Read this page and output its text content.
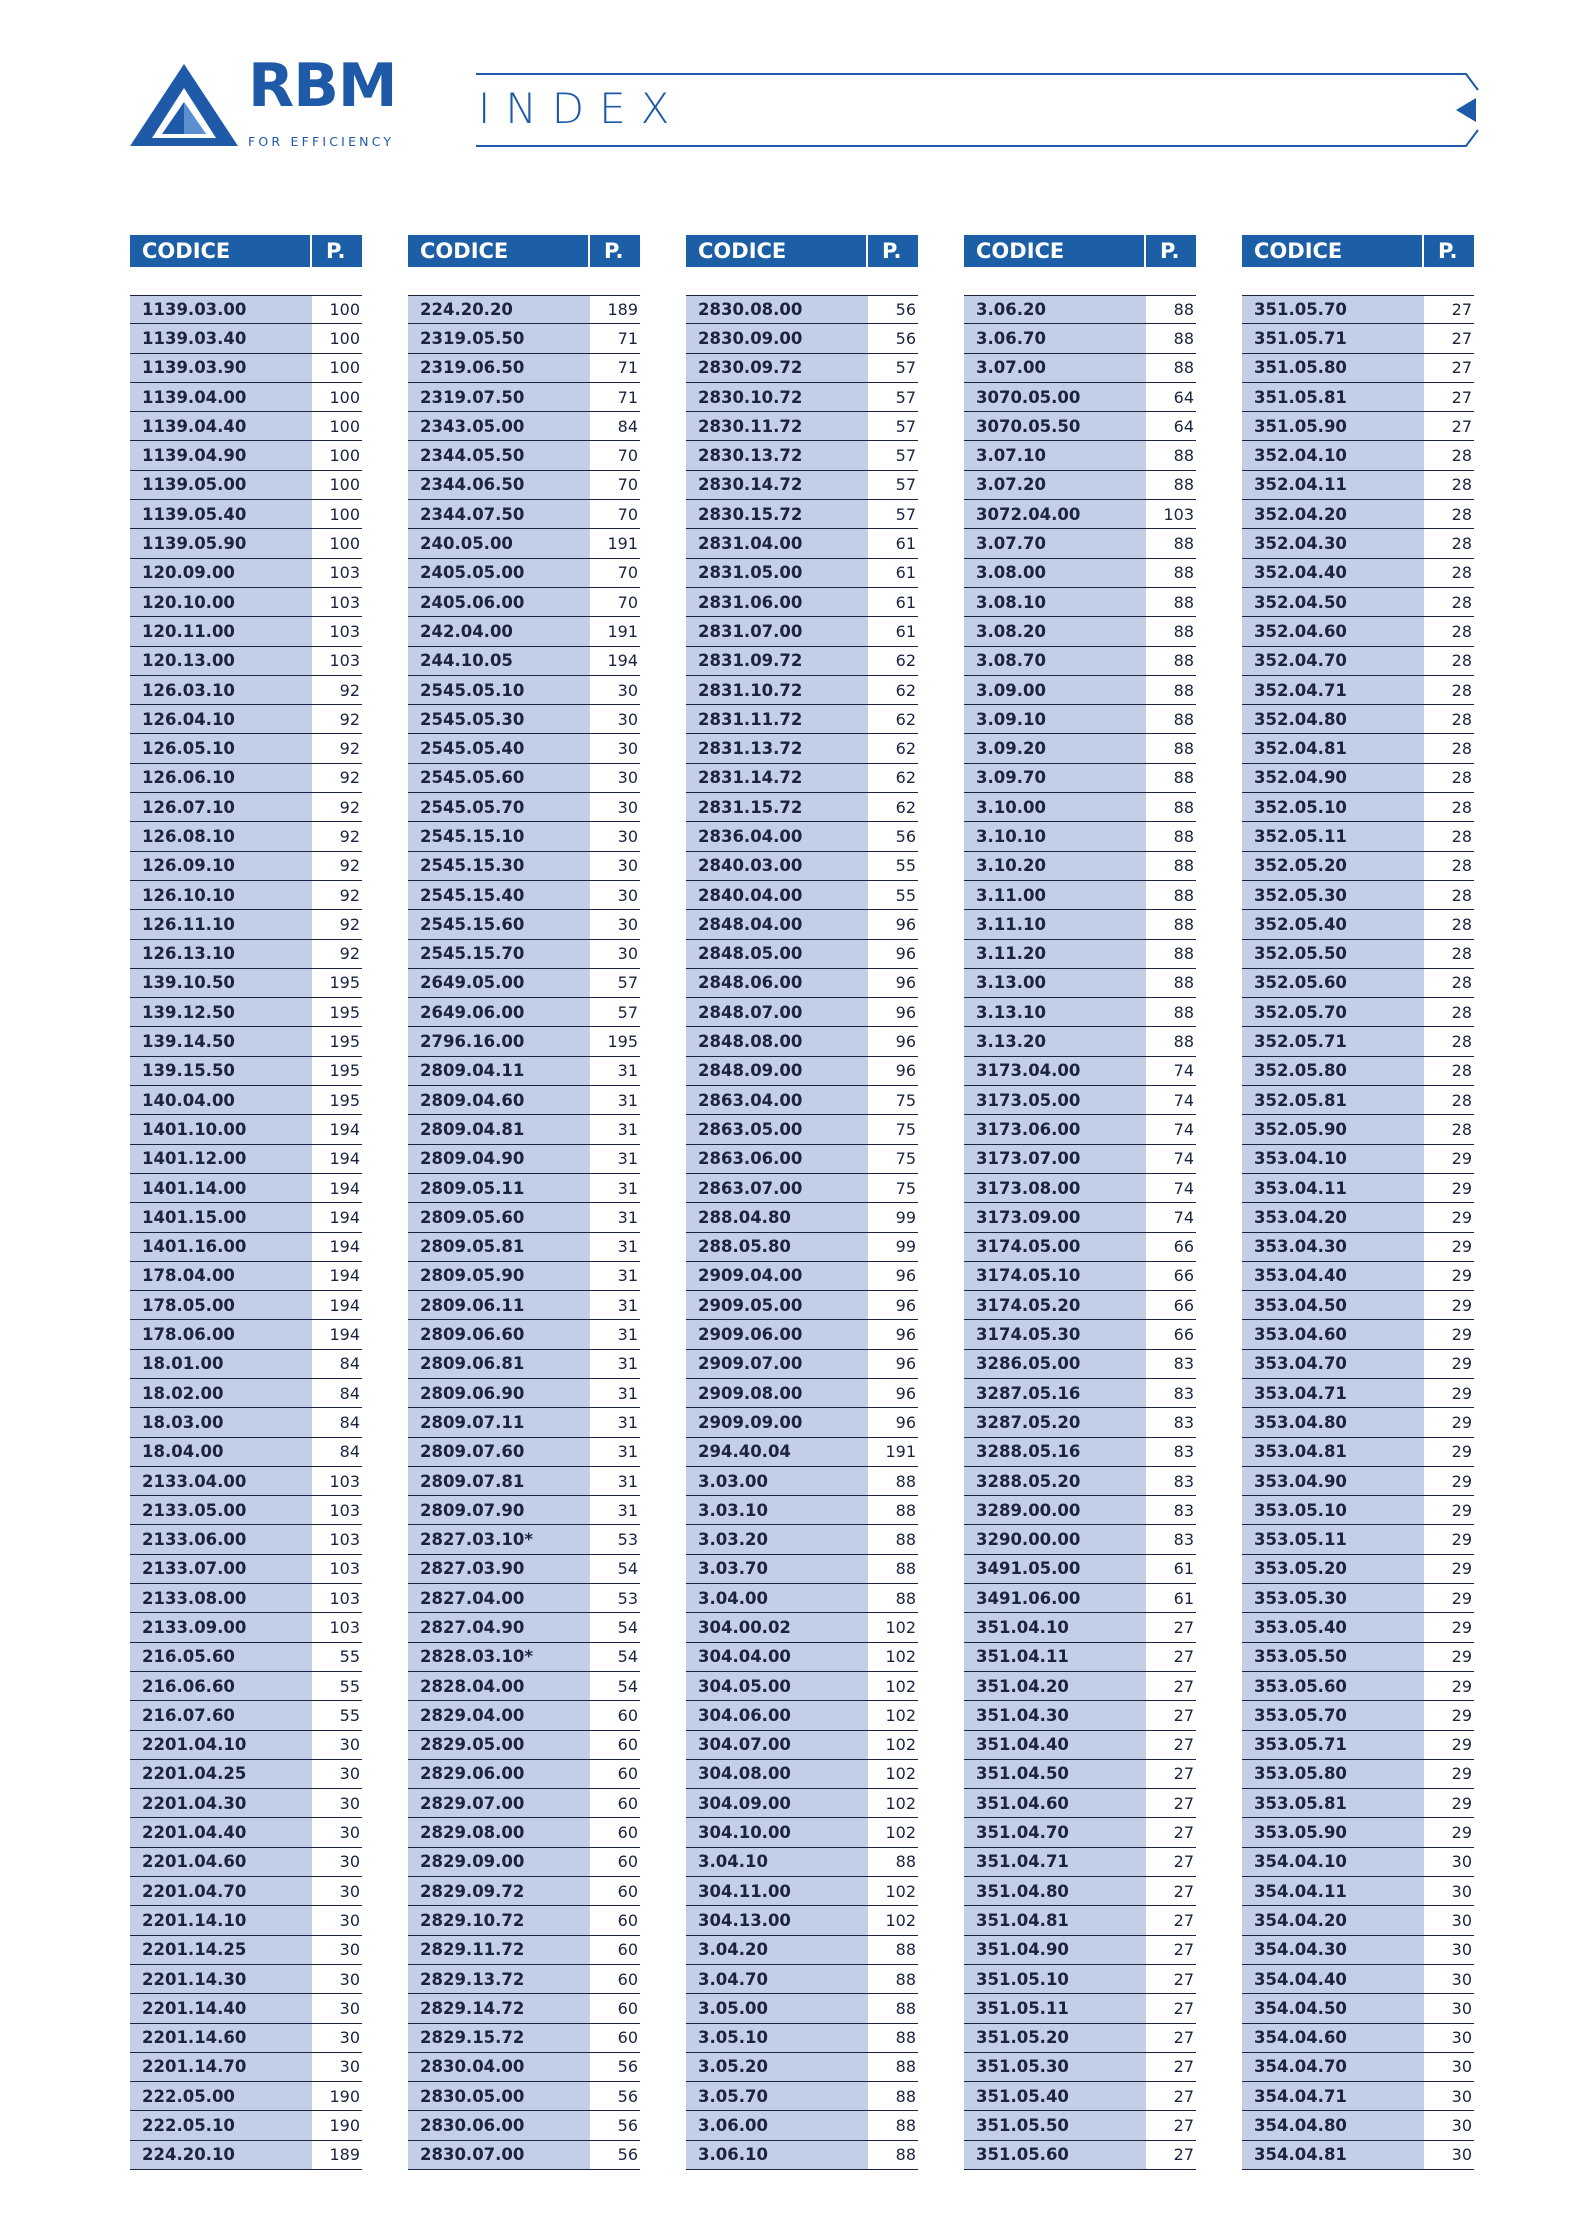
RBM
FOR EFFICIENCY
INDEX
CODICE	P.
1139.03.00	100
1139.03.40	100
1139.03.90	100
1139.04.00	100
1139.04.40	100
1139.04.90	100
1139.05.00	100
1139.05.40	100
1139.05.90	100
120.09.00	103
120.10.00	103
120.11.00	103
120.13.00	103
126.03.10	92
126.04.10	92
126.05.10	92
126.06.10	92
126.07.10	92
126.08.10	92
126.09.10	92
126.10.10	92
126.11.10	92
126.13.10	92
139.10.50	195
139.12.50	195
139.14.50	195
139.15.50	195
140.04.00	195
1401.10.00	194
1401.12.00	194
1401.14.00	194
1401.15.00	194
1401.16.00	194
178.04.00	194
178.05.00	194
178.06.00	194
18.01.00	84
18.02.00	84
18.03.00	84
18.04.00	84
2133.04.00	103
2133.05.00	103
2133.06.00	103
2133.07.00	103
2133.08.00	103
2133.09.00	103
216.05.60	55
216.06.60	55
216.07.60	55
2201.04.10	30
2201.04.25	30
2201.04.30	30
2201.04.40	30
2201.04.60	30
2201.04.70	30
2201.14.10	30
2201.14.25	30
2201.14.30	30
2201.14.40	30
2201.14.60	30
2201.14.70	30
222.05.00	190
222.05.10	190
224.20.10	189
CODICE	P.
224.20.20	189
2319.05.50	71
2319.06.50	71
2319.07.50	71
2343.05.00	84
2344.05.50	70
2344.06.50	70
2344.07.50	70
240.05.00	191
2405.05.00	70
2405.06.00	70
242.04.00	191
244.10.05	194
2545.05.10	30
2545.05.30	30
2545.05.40	30
2545.05.60	30
2545.05.70	30
2545.15.10	30
2545.15.30	30
2545.15.40	30
2545.15.60	30
2545.15.70	30
2649.05.00	57
2649.06.00	57
2796.16.00	195
2809.04.11	31
2809.04.60	31
2809.04.81	31
2809.04.90	31
2809.05.11	31
2809.05.60	31
2809.05.81	31
2809.05.90	31
2809.06.11	31
2809.06.60	31
2809.06.81	31
2809.06.90	31
2809.07.11	31
2809.07.60	31
2809.07.81	31
2809.07.90	31
2827.03.10*	53
2827.03.90	54
2827.04.00	53
2827.04.90	54
2828.03.10*	54
2828.04.00	54
2829.04.00	60
2829.05.00	60
2829.06.00	60
2829.07.00	60
2829.08.00	60
2829.09.00	60
2829.09.72	60
2829.10.72	60
2829.11.72	60
2829.13.72	60
2829.14.72	60
2829.15.72	60
2830.04.00	56
2830.05.00	56
2830.06.00	56
2830.07.00	56
CODICE	P.
2830.08.00	56
2830.09.00	56
2830.09.72	57
2830.10.72	57
2830.11.72	57
2830.13.72	57
2830.14.72	57
2830.15.72	57
2831.04.00	61
2831.05.00	61
2831.06.00	61
2831.07.00	61
2831.09.72	62
2831.10.72	62
2831.11.72	62
2831.13.72	62
2831.14.72	62
2831.15.72	62
2836.04.00	56
2840.03.00	55
2840.04.00	55
2848.04.00	96
2848.05.00	96
2848.06.00	96
2848.07.00	96
2848.08.00	96
2848.09.00	96
2863.04.00	75
2863.05.00	75
2863.06.00	75
2863.07.00	75
288.04.80	99
288.05.80	99
2909.04.00	96
2909.05.00	96
2909.06.00	96
2909.07.00	96
2909.08.00	96
2909.09.00	96
294.40.04	191
3.03.00	88
3.03.10	88
3.03.20	88
3.03.70	88
3.04.00	88
304.00.02	102
304.04.00	102
304.05.00	102
304.06.00	102
304.07.00	102
304.08.00	102
304.09.00	102
304.10.00	102
3.04.10	88
304.11.00	102
304.13.00	102
3.04.20	88
3.04.70	88
3.05.00	88
3.05.10	88
3.05.20	88
3.05.70	88
3.06.00	88
3.06.10	88
CODICE	P.
3.06.20	88
3.06.70	88
3.07.00	88
3070.05.00	64
3070.05.50	64
3.07.10	88
3.07.20	88
3072.04.00	103
3.07.70	88
3.08.00	88
3.08.10	88
3.08.20	88
3.08.70	88
3.09.00	88
3.09.10	88
3.09.20	88
3.09.70	88
3.10.00	88
3.10.10	88
3.10.20	88
3.11.00	88
3.11.10	88
3.11.20	88
3.13.00	88
3.13.10	88
3.13.20	88
3173.04.00	74
3173.05.00	74
3173.06.00	74
3173.07.00	74
3173.08.00	74
3173.09.00	74
3174.05.00	66
3174.05.10	66
3174.05.20	66
3174.05.30	66
3286.05.00	83
3287.05.16	83
3287.05.20	83
3288.05.16	83
3288.05.20	83
3289.00.00	83
3290.00.00	83
3491.05.00	61
3491.06.00	61
351.04.10	27
351.04.11	27
351.04.20	27
351.04.30	27
351.04.40	27
351.04.50	27
351.04.60	27
351.04.70	27
351.04.71	27
351.04.80	27
351.04.81	27
351.04.90	27
351.05.10	27
351.05.11	27
351.05.20	27
351.05.30	27
351.05.40	27
351.05.50	27
351.05.60	27
CODICE	P.
351.05.70	27
351.05.71	27
351.05.80	27
351.05.81	27
351.05.90	27
352.04.10	28
352.04.11	28
352.04.20	28
352.04.30	28
352.04.40	28
352.04.50	28
352.04.60	28
352.04.70	28
352.04.71	28
352.04.80	28
352.04.81	28
352.04.90	28
352.05.10	28
352.05.11	28
352.05.20	28
352.05.30	28
352.05.40	28
352.05.50	28
352.05.60	28
352.05.70	28
352.05.71	28
352.05.80	28
352.05.81	28
352.05.90	28
353.04.10	29
353.04.11	29
353.04.20	29
353.04.30	29
353.04.40	29
353.04.50	29
353.04.60	29
353.04.70	29
353.04.71	29
353.04.80	29
353.04.81	29
353.04.90	29
353.05.10	29
353.05.11	29
353.05.20	29
353.05.30	29
353.05.40	29
353.05.50	29
353.05.60	29
353.05.70	29
353.05.71	29
353.05.80	29
353.05.81	29
353.05.90	29
354.04.10	30
354.04.11	30
354.04.20	30
354.04.30	30
354.04.40	30
354.04.50	30
354.04.60	30
354.04.70	30
354.04.71	30
354.04.80	30
354.04.81	30
